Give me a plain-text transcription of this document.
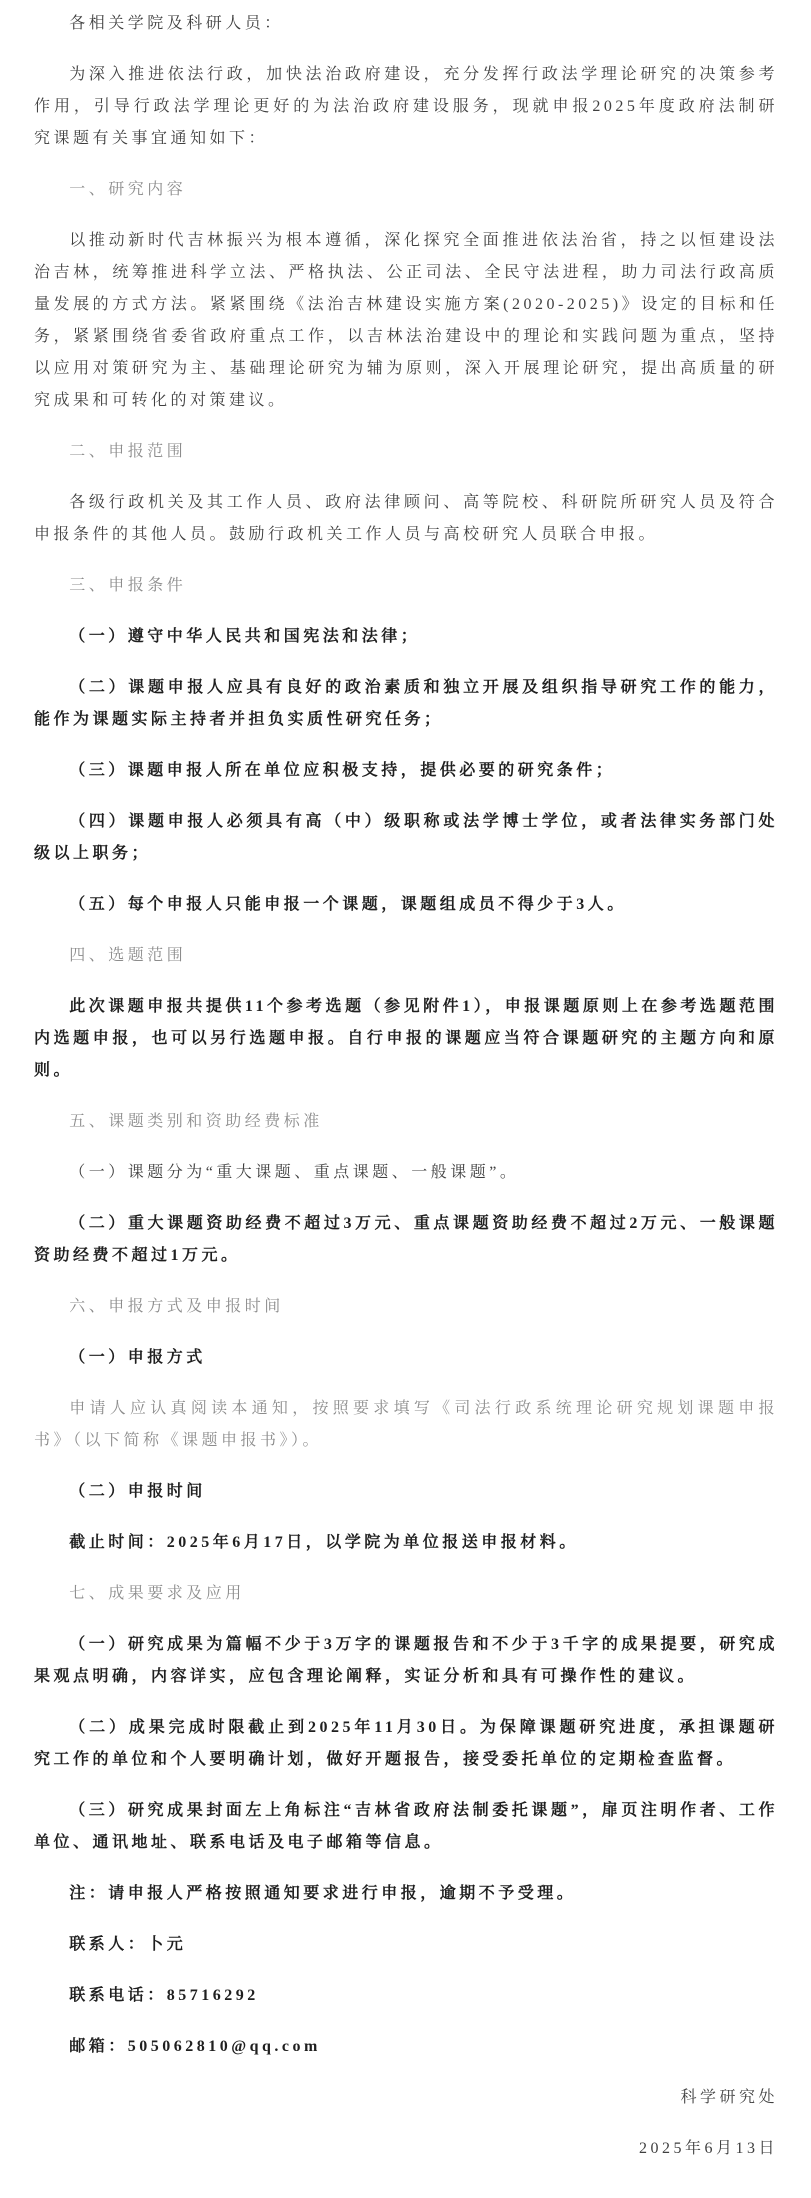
各相关学院及科研人员：

为深入推进依法行政，加快法治政府建设，充分发挥行政法学理论研究的决策参考作用，引导行政法学理论更好的为法治政府建设服务，现就申报2025年度政府法制研究课题有关事宜通知如下：

一、研究内容

以推动新时代吉林振兴为根本遵循，深化探究全面推进依法治省，持之以恒建设法治吉林，统筹推进科学立法、严格执法、公正司法、全民守法进程，助力司法行政高质量发展的方式方法。紧紧围绕《法治吉林建设实施方案(2020-2025)》设定的目标和任务，紧紧围绕省委省政府重点工作，以吉林法治建设中的理论和实践问题为重点，坚持以应用对策研究为主、基础理论研究为辅为原则，深入开展理论研究，提出高质量的研究成果和可转化的对策建议。

二、申报范围

各级行政机关及其工作人员、政府法律顾问、高等院校、科研院所研究人员及符合申报条件的其他人员。鼓励行政机关工作人员与高校研究人员联合申报。

三、申报条件

（一）遵守中华人民共和国宪法和法律；

（二）课题申报人应具有良好的政治素质和独立开展及组织指导研究工作的能力，能作为课题实际主持者并担负实质性研究任务；

（三）课题申报人所在单位应积极支持，提供必要的研究条件；

（四）课题申报人必须具有高（中）级职称或法学博士学位，或者法律实务部门处级以上职务；

（五）每个申报人只能申报一个课题，课题组成员不得少于3人。

四、选题范围

此次课题申报共提供11个参考选题（参见附件1），申报课题原则上在参考选题范围内选题申报，也可以另行选题申报。自行申报的课题应当符合课题研究的主题方向和原则。

五、课题类别和资助经费标准

（一）课题分为“重大课题、重点课题、一般课题”。

（二）重大课题资助经费不超过3万元、重点课题资助经费不超过2万元、一般课题资助经费不超过1万元。

六、申报方式及申报时间

（一）申报方式

申请人应认真阅读本通知，按照要求填写《司法行政系统理论研究规划课题申报书》（以下简称《课题申报书》）。

（二）申报时间

截止时间：2025年6月17日，以学院为单位报送申报材料。

七、成果要求及应用

（一）研究成果为篇幅不少于3万字的课题报告和不少于3千字的成果提要，研究成果观点明确，内容详实，应包含理论阐释，实证分析和具有可操作性的建议。

（二）成果完成时限截止到2025年11月30日。为保障课题研究进度，承担课题研究工作的单位和个人要明确计划，做好开题报告，接受委托单位的定期检查监督。

（三）研究成果封面左上角标注“吉林省政府法制委托课题”，扉页注明作者、工作单位、通讯地址、联系电话及电子邮箱等信息。

注：请申报人严格按照通知要求进行申报，逾期不予受理。

联系人：卜元

联系电话：85716292

邮箱：505062810@qq.com

科学研究处

2025年6月13日
